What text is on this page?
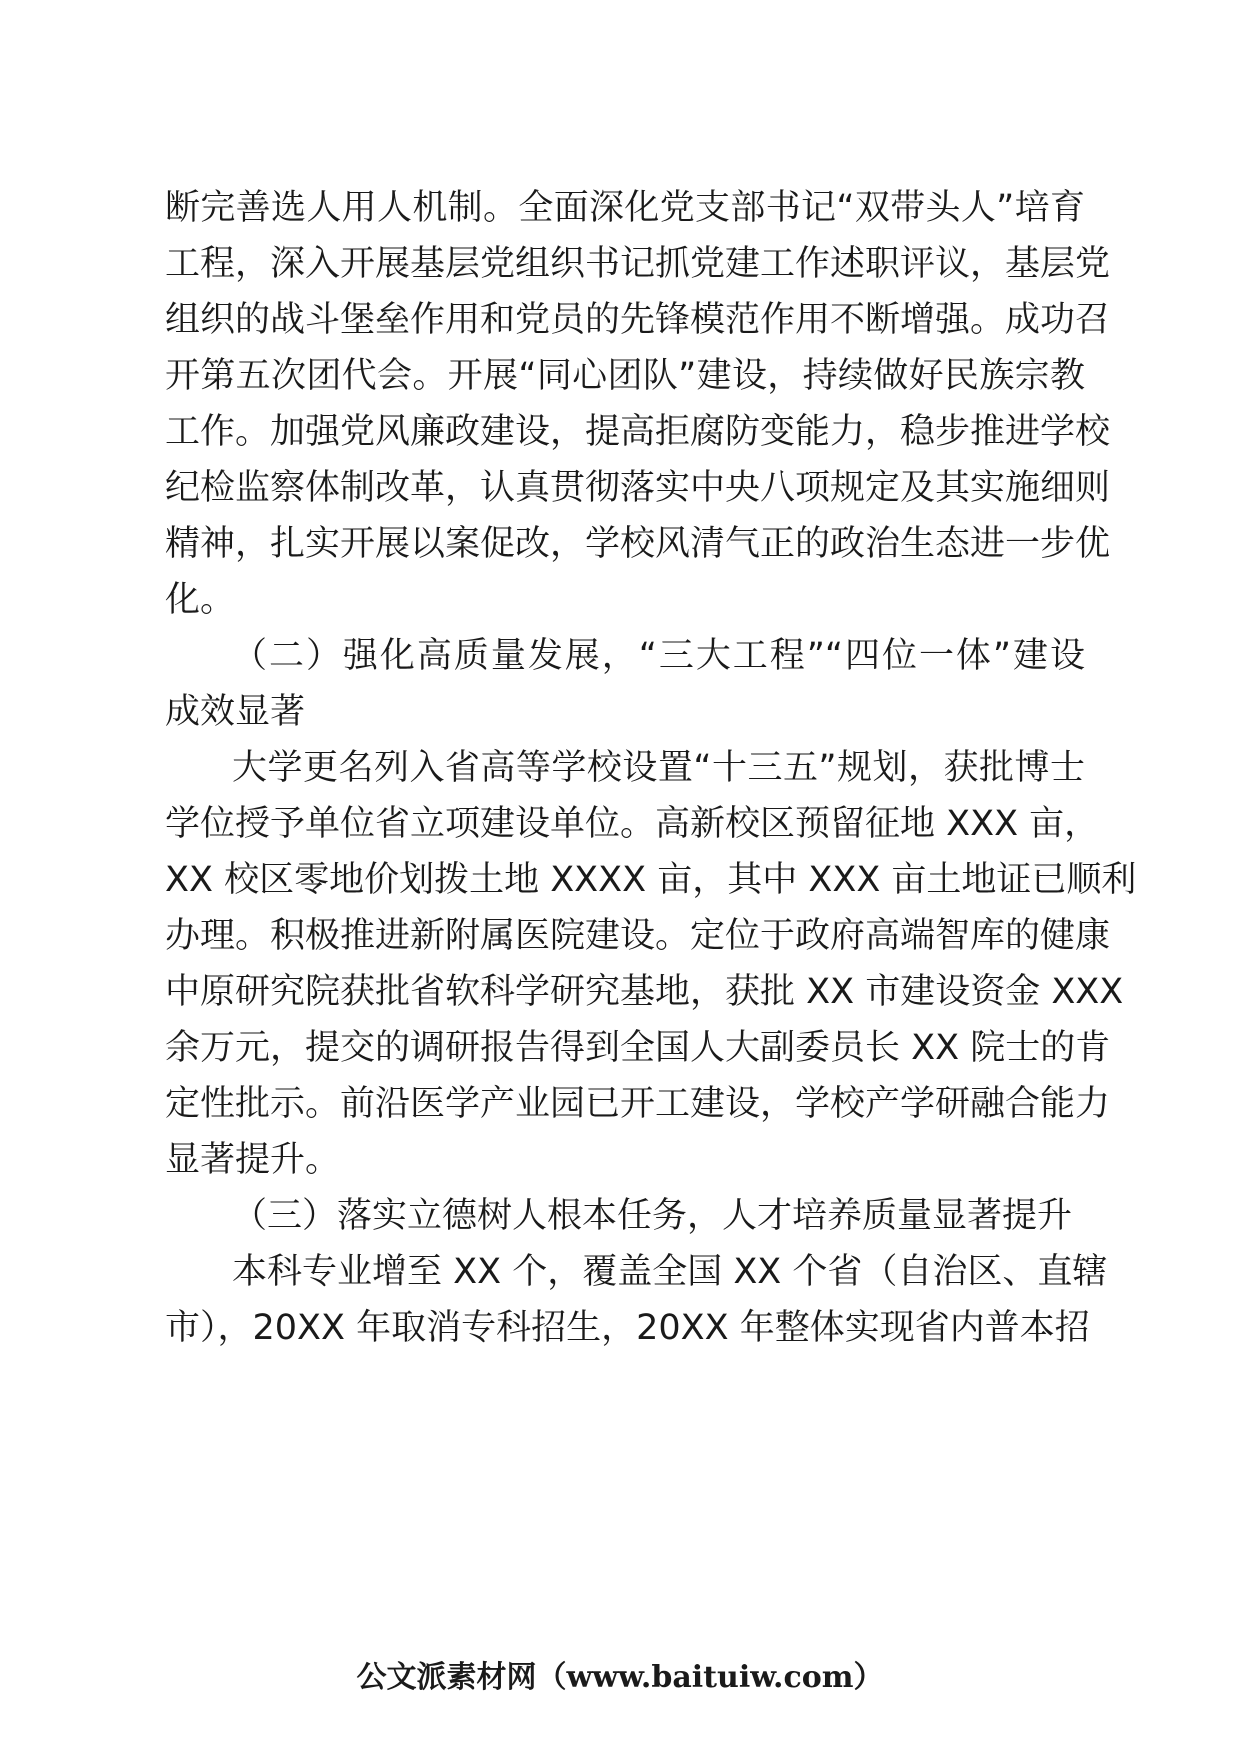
断完善选人用人机制。全面深化党支部书记“双带头人”培育
工程，深入开展基层党组织书记抓党建工作述职评议，基层党
组织的战斗堡垒作用和党员的先锋模范作用不断增强。成功召
开第五次团代会。开展“同心团队”建设，持续做好民族宗教
工作。加强党风廉政建设，提高拒腐防变能力，稳步推进学校
纪检监察体制改革，认真贯彻落实中央八项规定及其实施细则
精神，扎实开展以案促改，学校风清气正的政治生态进一步优
化。
（二）强化高质量发展，“三大工程”“四位一体”建设
成效显著
大学更名列入省高等学校设置“十三五”规划，获批博士
学位授予单位省立项建设单位。高新校区预留征地 XXX 亩，
XX 校区零地价划拨土地 XXXX 亩，其中 XXX 亩土地证已顺利
办理。积极推进新附属医院建设。定位于政府高端智库的健康
中原研究院获批省软科学研究基地，获批 XX 市建设资金 XXX
余万元，提交的调研报告得到全国人大副委员长 XX 院士的肯
定性批示。前沿医学产业园已开工建设，学校产学研融合能力
显著提升。
（三）落实立德树人根本任务，人才培养质量显著提升
本科专业增至 XX 个，覆盖全国 XX 个省（自治区、直辖
市），20XX 年取消专科招生，20XX 年整体实现省内普本招
公文派素材网（www.baituiw.com）
